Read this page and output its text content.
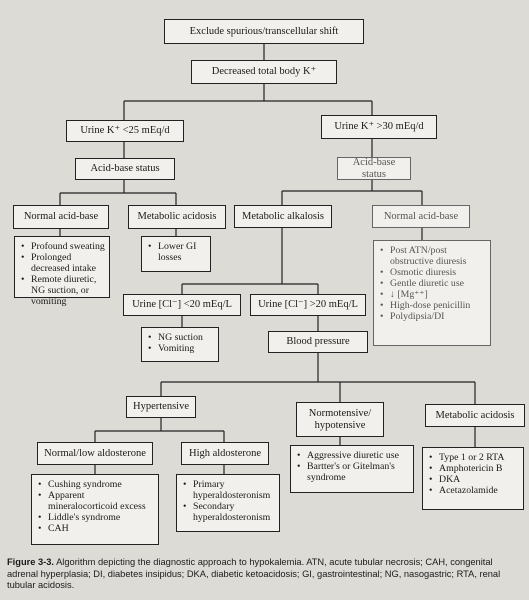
Exclude spurious/transcellular shift
Decreased total body K⁺
Urine K⁺ <25 mEq/d	Urine K⁺ >30 mEq/d
Acid-base status
Acid-base status
Normal acid-base	Metabolic acidosis	Metabolic alkalosis	Normal acid-base
Urine [Cl⁻] <20 mEq/L	Urine [Cl⁻] >20 mEq/L
Blood pressure
Hypertensive
Normotensive/ hypotensive
Metabolic acidosis
Normal/low aldosterone	High aldosterone
• Profound sweating
• Prolonged decreased intake
• Remote diuretic, NG suction, or vomiting
• Lower GI losses
• Post ATN/post obstructive diuresis
• Osmotic diuresis
• Gentle diuretic use
• ↓ [Mg⁺⁺]
• High-dose penicillin
• Polydipsia/DI
• NG suction
• Vomiting
• Aggressive diuretic use
• Bartter's or Gitelman's syndrome
• Type 1 or 2 RTA
• Amphotericin B
• DKA
• Acetazolamide
• Cushing syndrome
• Apparent mineralocorticoid excess
• Liddle's syndrome
• CAH
• Primary hyperaldosteronism
• Secondary hyperaldosteronism
Figure 3-3. Algorithm depicting the diagnostic approach to hypokalemia. ATN, acute tubular necrosis; CAH, congenital adrenal hyperplasia; DI, diabetes insipidus; DKA, diabetic ketoacidosis; GI, gastrointestinal; NG, nasogastric; RTA, renal tubular acidosis.
